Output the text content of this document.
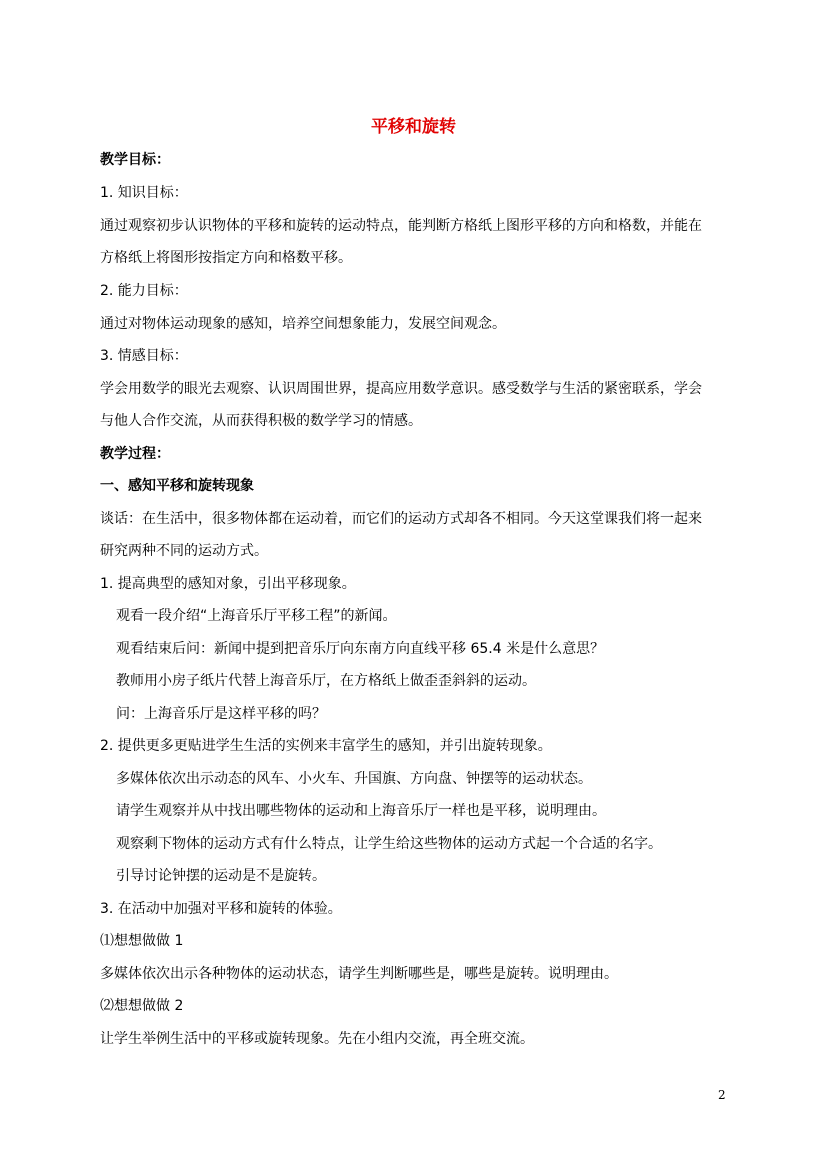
平移和旋转
教学目标：
1. 知识目标：
通过观察初步认识物体的平移和旋转的运动特点，能判断方格纸上图形平移的方向和格数，并能在
方格纸上将图形按指定方向和格数平移。
2. 能力目标：
通过对物体运动现象的感知，培养空间想象能力，发展空间观念。
3. 情感目标：
学会用数学的眼光去观察、认识周围世界，提高应用数学意识。感受数学与生活的紧密联系，学会
与他人合作交流，从而获得积极的数学学习的情感。
教学过程：
一、感知平移和旋转现象
谈话：在生活中，很多物体都在运动着，而它们的运动方式却各不相同。今天这堂课我们将一起来
研究两种不同的运动方式。
1. 提高典型的感知对象，引出平移现象。
观看一段介绍“上海音乐厅平移工程”的新闻。
观看结束后问：新闻中提到把音乐厅向东南方向直线平移 65.4 米是什么意思？
教师用小房子纸片代替上海音乐厅，在方格纸上做歪歪斜斜的运动。
问：上海音乐厅是这样平移的吗？
2. 提供更多更贴进学生生活的实例来丰富学生的感知，并引出旋转现象。
多媒体依次出示动态的风车、小火车、升国旗、方向盘、钟摆等的运动状态。
请学生观察并从中找出哪些物体的运动和上海音乐厅一样也是平移，说明理由。
观察剩下物体的运动方式有什么特点，让学生给这些物体的运动方式起一个合适的名字。
引导讨论钟摆的运动是不是旋转。
3. 在活动中加强对平移和旋转的体验。
⑴想想做做 1
多媒体依次出示各种物体的运动状态，请学生判断哪些是，哪些是旋转。说明理由。
⑵想想做做 2
让学生举例生活中的平移或旋转现象。先在小组内交流，再全班交流。
2
